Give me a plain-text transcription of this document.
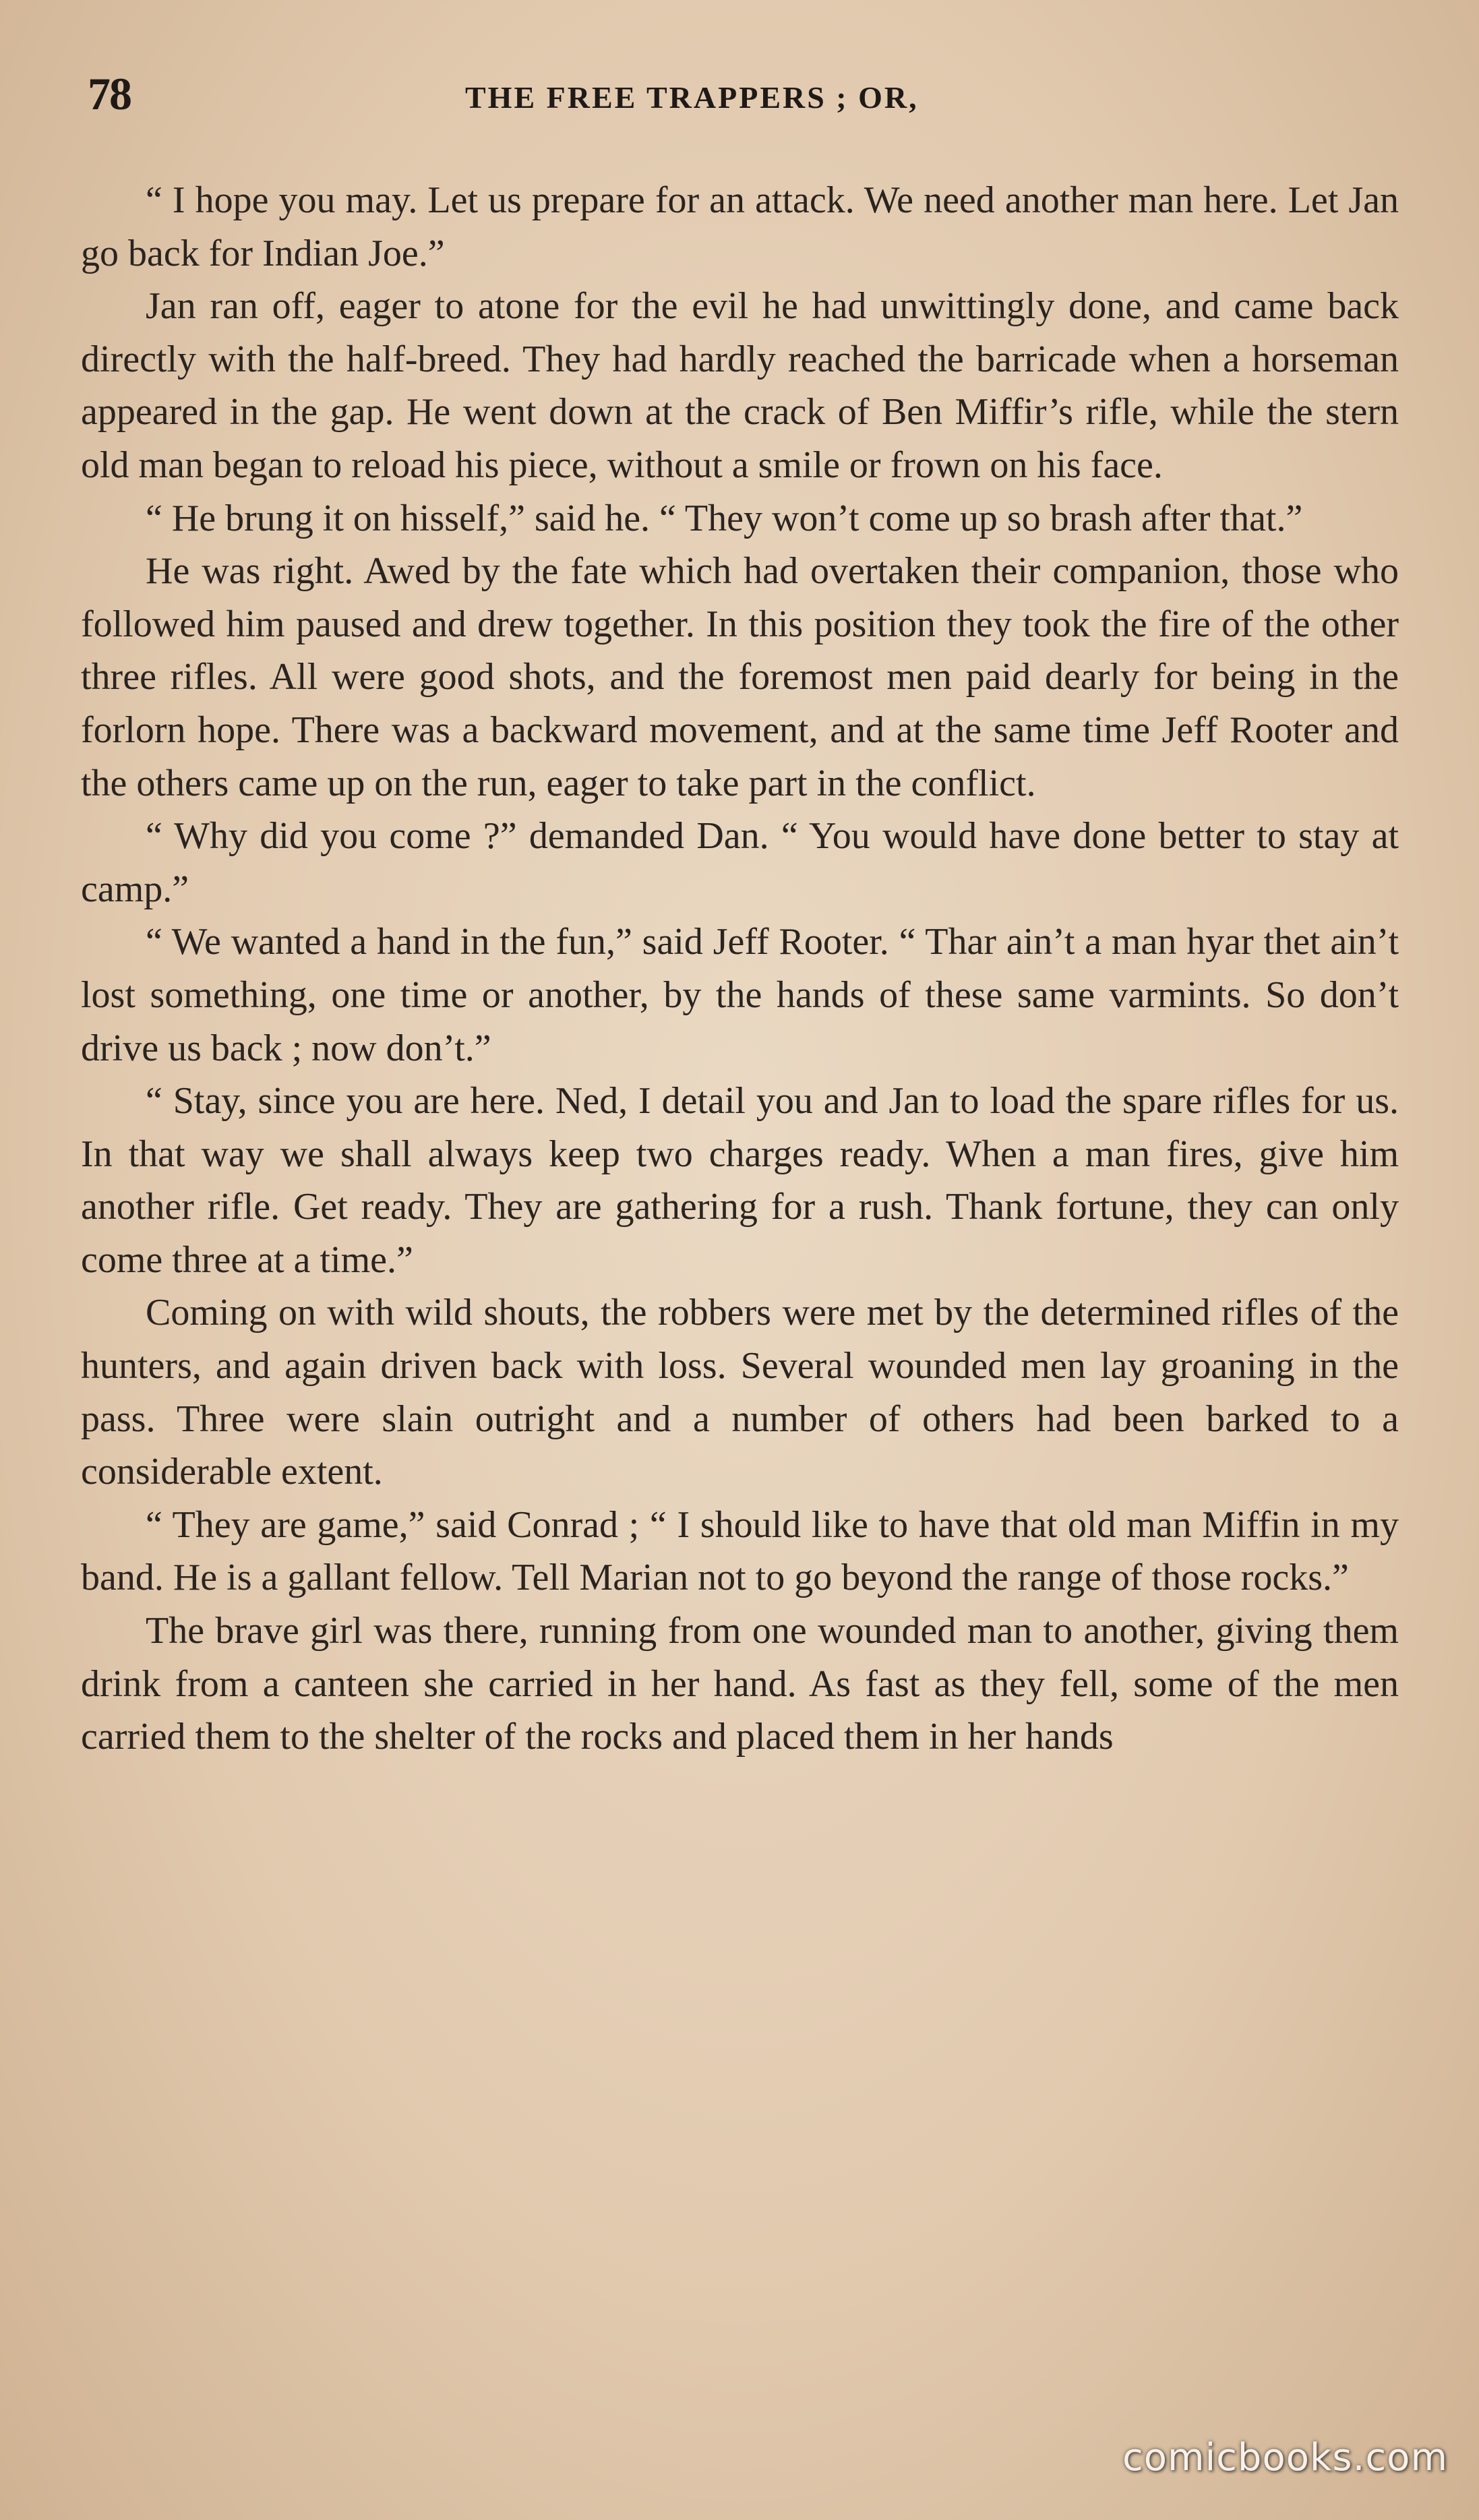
78	THE FREE TRAPPERS ; OR,

“ I hope you may. Let us prepare for an attack. We need another man here. Let Jan go back for Indian Joe.”

Jan ran off, eager to atone for the evil he had unwittingly done, and came back directly with the half-breed. They had hardly reached the barricade when a horseman appeared in the gap. He went down at the crack of Ben Miffir’s rifle, while the stern old man began to reload his piece, without a smile or frown on his face.

“ He brung it on hisself,” said he. “ They won’t come up so brash after that.”

He was right. Awed by the fate which had overtaken their companion, those who followed him paused and drew together. In this position they took the fire of the other three rifles. All were good shots, and the foremost men paid dearly for being in the forlorn hope. There was a backward movement, and at the same time Jeff Rooter and the others came up on the run, eager to take part in the conflict.

“ Why did you come ?” demanded Dan. “ You would have done better to stay at camp.”

“ We wanted a hand in the fun,” said Jeff Rooter. “ Thar ain’t a man hyar thet ain’t lost something, one time or another, by the hands of these same varmints. So don’t drive us back ; now don’t.”

“ Stay, since you are here. Ned, I detail you and Jan to load the spare rifles for us. In that way we shall always keep two charges ready. When a man fires, give him another rifle. Get ready. They are gathering for a rush. Thank fortune, they can only come three at a time.”

Coming on with wild shouts, the robbers were met by the determined rifles of the hunters, and again driven back with loss. Several wounded men lay groaning in the pass. Three were slain outright and a number of others had been barked to a considerable extent.

“ They are game,” said Conrad ; “ I should like to have that old man Miffin in my band. He is a gallant fellow. Tell Marian not to go beyond the range of those rocks.”

The brave girl was there, running from one wounded man to another, giving them drink from a canteen she carried in her hand. As fast as they fell, some of the men carried them to the shelter of the rocks and placed them in her hands

comicbooks.com
